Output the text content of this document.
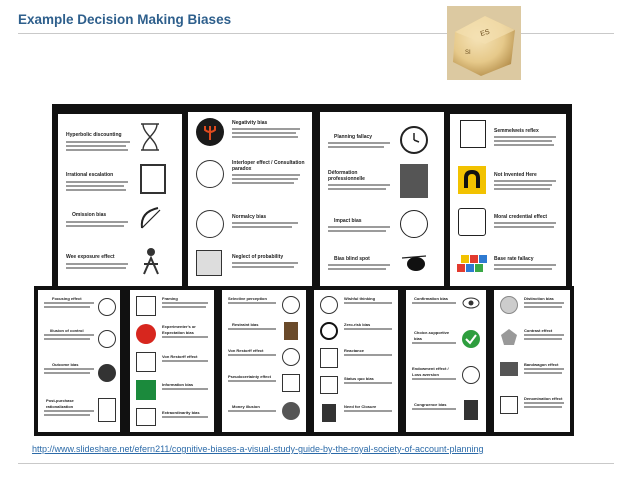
Example Decision Making Biases
ES
SI
Hyperbolic discounting
Irrational escalation
Omission bias
Wee exposure effect
Negativity bias
Interloper effect / Consultation paradox
Normalcy bias
Neglect of probability
Planning fallacy
Déformation professionnelle
Impact bias
Bias blind spot
Semmelweis reflex
Not Invented Here
Moral credential effect
Base rate fallacy
Focusing effect
Illusion of control
Outcome bias
Post-purchase rationalization
Framing
Experimenter's or Expectation bias
Von Restorff effect
Information bias
Extraordinarity bias
Selective perception
Restraint bias
Von Restorff effect
Pseudocertainty effect
Money illusion
Wishful thinking
Zero-risk bias
Reactance
Status quo bias
Need for Closure
Confirmation bias
Choice-supportive bias
Endowment effect / Loss aversion
Congruence bias
Distinction bias
Contrast effect
Bandwagon effect
Denomination effect
http://www.slideshare.net/efern211/cognitive-biases-a-visual-study-guide-by-the-royal-society-of-account-planning
